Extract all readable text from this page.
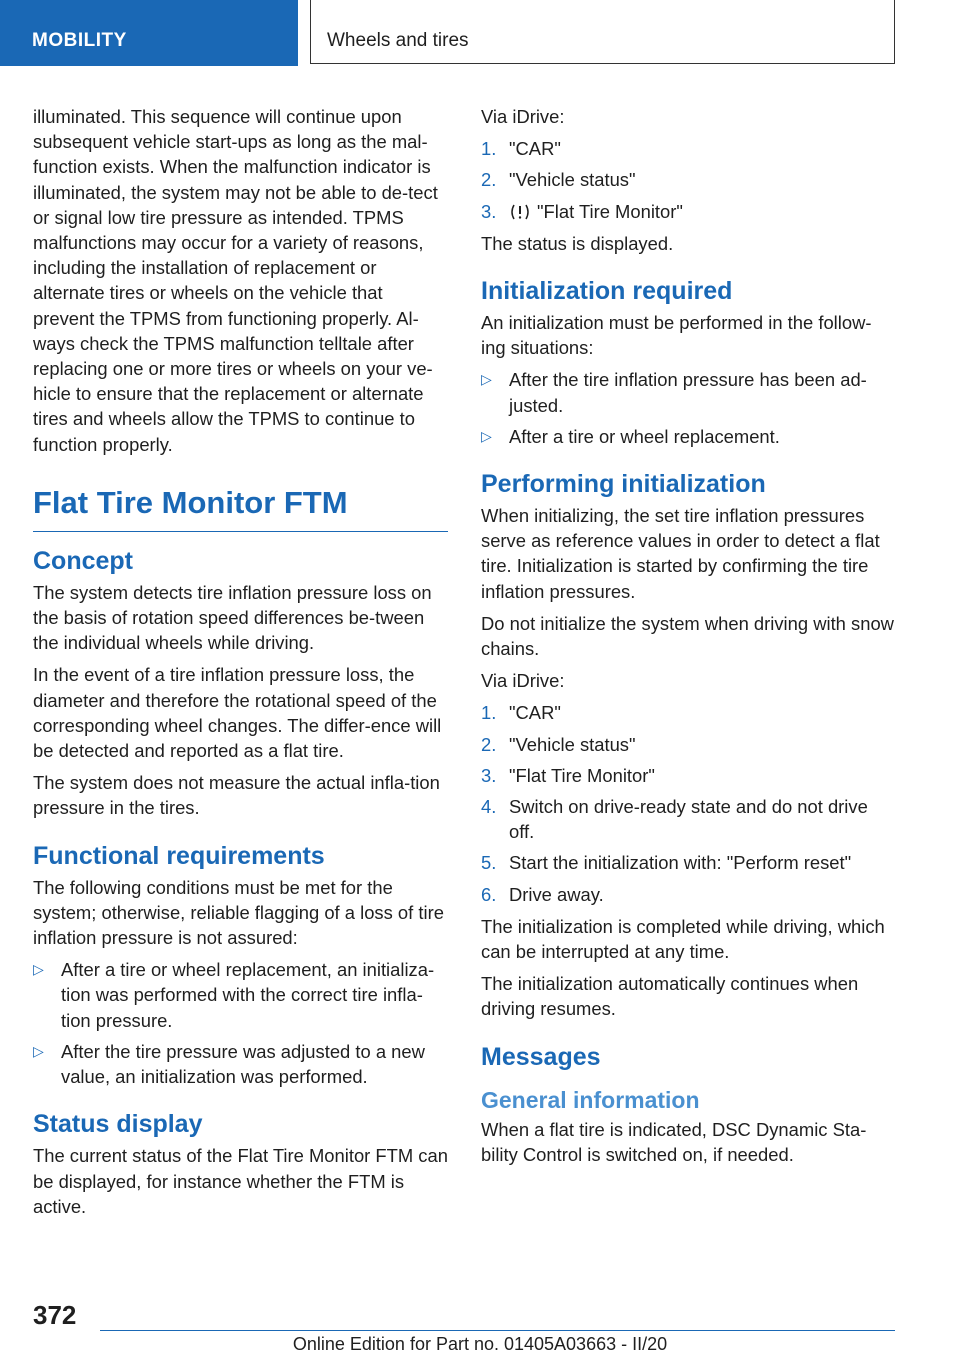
MOBILITY	Wheels and tires

illuminated. This sequence will continue upon subsequent vehicle start-ups as long as the mal-function exists. When the malfunction indicator is illuminated, the system may not be able to de-tect or signal low tire pressure as intended. TPMS malfunctions may occur for a variety of reasons, including the installation of replacement or alternate tires or wheels on the vehicle that prevent the TPMS from functioning properly. Al-ways check the TPMS malfunction telltale after replacing one or more tires or wheels on your ve-hicle to ensure that the replacement or alternate tires and wheels allow the TPMS to continue to function properly.

Flat Tire Monitor FTM
Concept

The system detects tire inflation pressure loss on the basis of rotation speed differences be-tween the individual wheels while driving.

In the event of a tire inflation pressure loss, the diameter and therefore the rotational speed of the corresponding wheel changes. The differ-ence will be detected and reported as a flat tire.

The system does not measure the actual infla-tion pressure in the tires.

Functional requirements

The following conditions must be met for the system; otherwise, reliable flagging of a loss of tire inflation pressure is not assured:

▷ After a tire or wheel replacement, an initializa-tion was performed with the correct tire infla-tion pressure.
▷ After the tire pressure was adjusted to a new value, an initialization was performed.
Status display

The current status of the Flat Tire Monitor FTM can be displayed, for instance whether the FTM is active.

Via iDrive:

1. "CAR"
2. "Vehicle status"
3. "Flat Tire Monitor"

The status is displayed.

Initialization required

An initialization must be performed in the follow-ing situations:

▷ After the tire inflation pressure has been ad-justed.
▷ After a tire or wheel replacement.
Performing initialization

When initializing, the set tire inflation pressures serve as reference values in order to detect a flat tire. Initialization is started by confirming the tire inflation pressures.

Do not initialize the system when driving with snow chains.

Via iDrive:

1. "CAR"
2. "Vehicle status"
3. "Flat Tire Monitor"
4. Switch on drive-ready state and do not drive off.
5. Start the initialization with: "Perform reset"
6. Drive away.

The initialization is completed while driving, which can be interrupted at any time.

The initialization automatically continues when driving resumes.

Messages
General information

When a flat tire is indicated, DSC Dynamic Sta-bility Control is switched on, if needed.

372
Online Edition for Part no. 01405A03663 - II/20
